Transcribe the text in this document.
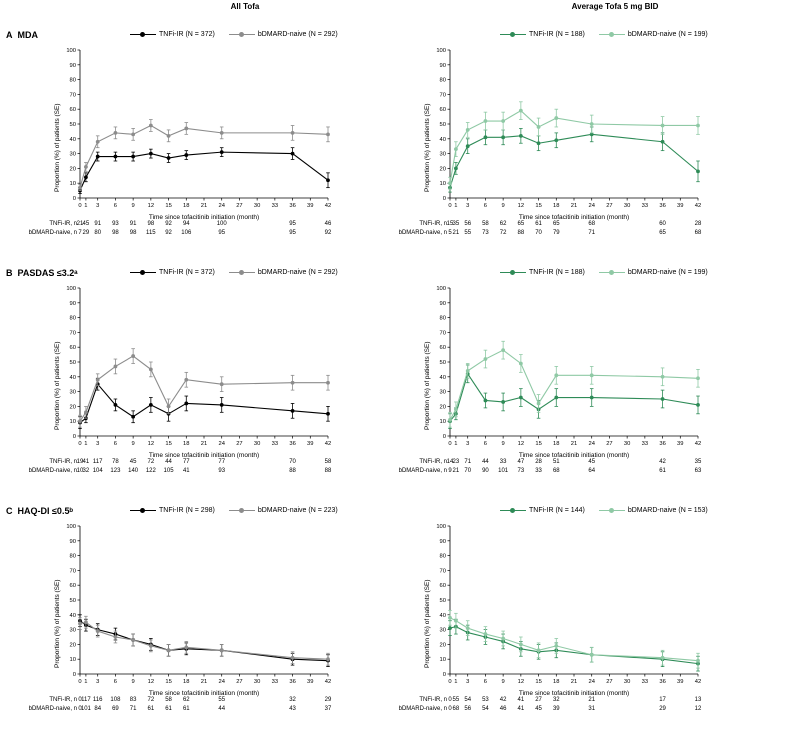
All Tofa	Average Tofa 5 mg BID
A MDA	TNFi-IR (N = 372)	bDMARD-naive (N = 292)	TNFi-IR (N = 188)	bDMARD-naive (N = 199)
0
10
20
30
40
50
60
70
80
90
100
0 1 3 6 9 12 15 18 21 24 27 30 33 36 39 42
Proportion (%) of patients (SE)
Time since tofacitinib initiation (month)
0
10
20
30
40
50
60
70
80
90
100
0 1 3 6 9 12 15 18 21 24 27 30 33 36 39 42
Proportion (%) of patients (SE)
Time since tofacitinib initiation (month)
TNFi-IR, n 21 45 91 93 91 98 92 94	100	95	46
bDMARD-naive, n 7 29 80 98 98 115 92 106	95	95	92
TNFi-IR, n 15 35 56 58 62 65 61 65	68	60	28
bDMARD-naive, n 5 21 55 73 72 88 70 79	71	65	68
B PASDAS ≤3.2ᵃ	TNFi-IR (N = 372)	bDMARD-naive (N = 292)	TNFi-IR (N = 188)	bDMARD-naive (N = 199)
0
10
20
30
40
50
60
70
80
90
100
0 1 3 6 9 12 15 18 21 24 27 30 33 36 39 42
Proportion (%) of patients (SE)
Time since tofacitinib initiation (month)
0
10
20
30
40
50
60
70
80
90
100
0 1 3 6 9 12 15 18 21 24 27 30 33 36 39 42
Proportion (%) of patients (SE)
Time since tofacitinib initiation (month)
TNFi-IR, n 19 41 117 78 45 72 44 77	77	70	58
bDMARD-naive, n 10 32 104 123 140 122 105 41	93	88	88
TNFi-IR, n 14 23 71 44 33 47 28 51	45	42	35
bDMARD-naive, n 9 21 70 90 101 73 33 68	64	61	63
C HAQ-DI ≤0.5ᵇ	TNFi-IR (N = 298)	bDMARD-naive (N = 223)	TNFi-IR (N = 144)	bDMARD-naive (N = 153)
0
10
20
30
40
50
60
70
80
90
100
0 1 3 6 9 12 15 18 21 24 27 30 33 36 39 42
Proportion (%) of patients (SE)
Time since tofacitinib initiation (month)
0
10
20
30
40
50
60
70
80
90
100
0 1 3 6 9 12 15 18 21 24 27 30 33 36 39 42
Proportion (%) of patients (SE)
Time since tofacitinib initiation (month)
TNFi-IR, n 0 117 116 108 83 72 58 62	55	32	29
bDMARD-naive, n 0 101 84 69 71 61 61 61	44	43	37
TNFi-IR, n 0 55 54 53 42 41 27 32	21	17	13
bDMARD-naive, n 0 68 56 54 46 41 45 39	31	29	12
